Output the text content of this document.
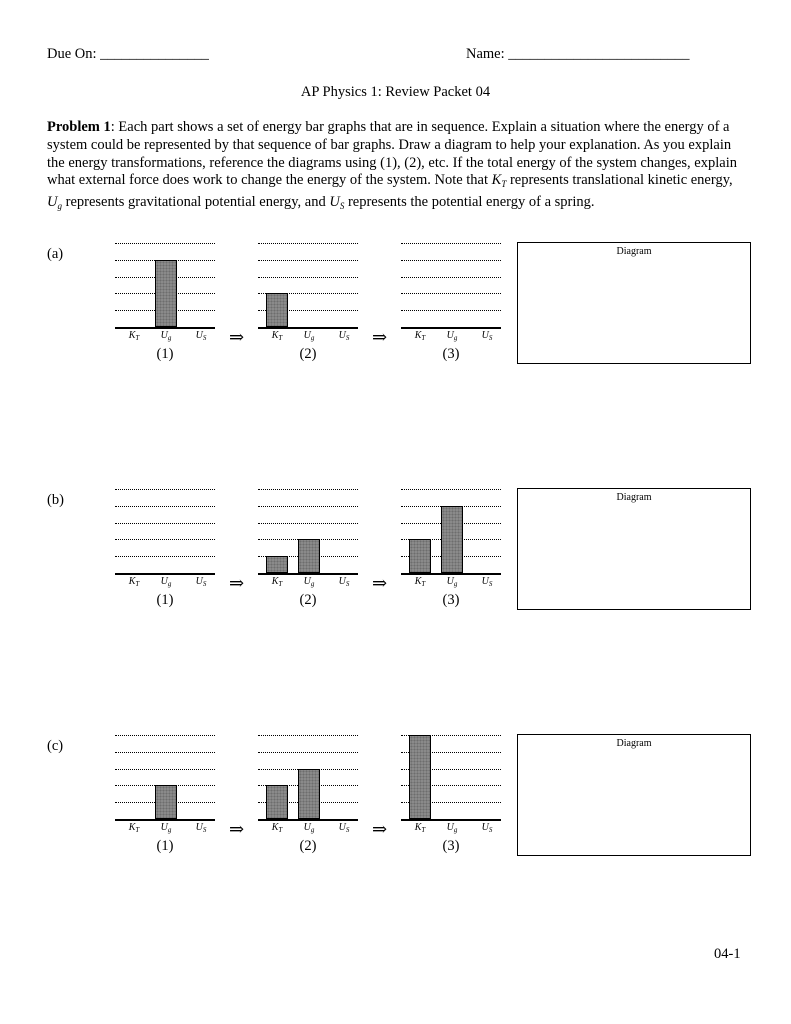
Due On: _______________	Name: _________________________
AP Physics 1: Review Packet 04
Problem 1: Each part shows a set of energy bar graphs that are in sequence. Explain a situation where the energy of a system could be represented by that sequence of bar graphs. Draw a diagram to help your explanation. As you explain the energy transformations, reference the diagrams using (1), (2), etc. If the total energy of the system changes, explain what external force does work to change the energy of the system. Note that $K_T$ represents translational kinetic energy, $U_g$ represents gravitational potential energy, and $U_S$ represents the potential energy of a spring.
(a)
$K_T$	$U_g$	$U_S$
(1)
$K_T$	$U_g$	$U_S$
(2)
$K_T$	$U_g$	$U_S$
(3)
⇒	⇒
Diagram
(b)
$K_T$	$U_g$	$U_S$
(1)
$K_T$	$U_g$	$U_S$
(2)
$K_T$	$U_g$	$U_S$
(3)
⇒	⇒
Diagram
(c)
$K_T$	$U_g$	$U_S$
(1)
$K_T$	$U_g$	$U_S$
(2)
$K_T$	$U_g$	$U_S$
(3)
⇒	⇒
Diagram
04-1
